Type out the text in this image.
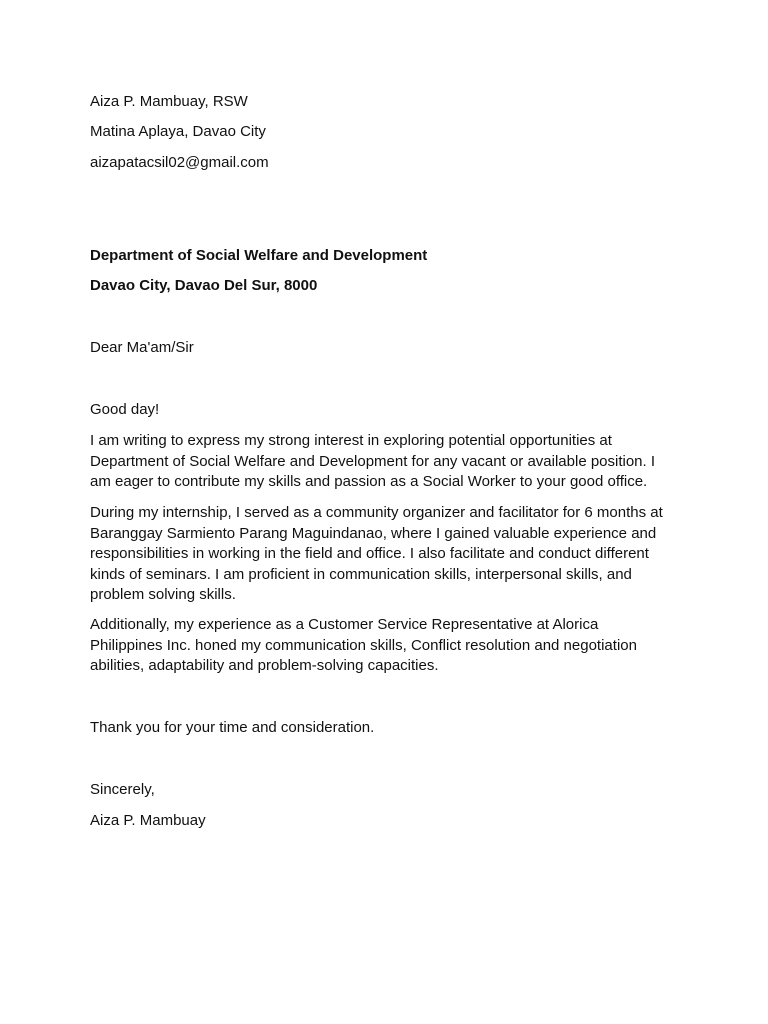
Aiza P. Mambuay, RSW

Matina Aplaya, Davao City

aizapatacsil02@gmail.com

Department of Social Welfare and Development

Davao City, Davao Del Sur, 8000

Dear Ma'am/Sir

Good day!

I am writing to express my strong interest in exploring potential opportunities at Department of Social Welfare and Development for any vacant or available position. I am eager to contribute my skills and passion as a Social Worker to your good office.

During my internship, I served as a community organizer and facilitator for 6 months at Baranggay Sarmiento Parang Maguindanao, where I gained valuable experience and responsibilities in working in the field and office. I also facilitate and conduct different kinds of seminars. I am proficient in communication skills, interpersonal skills, and problem solving skills.

Additionally, my experience as a Customer Service Representative at Alorica Philippines Inc. honed my communication skills, Conflict resolution and negotiation abilities, adaptability and problem-solving capacities.

Thank you for your time and consideration.

Sincerely,

Aiza P. Mambuay
